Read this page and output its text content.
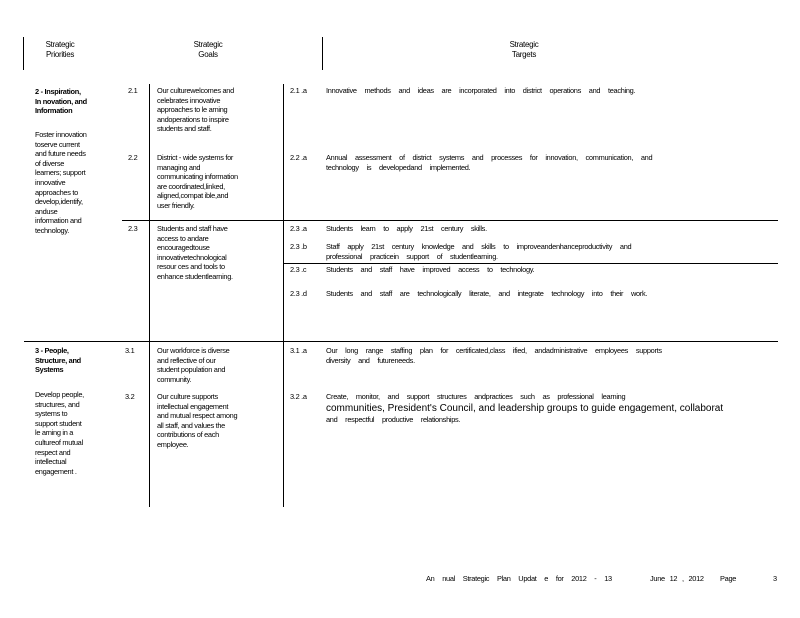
Strategic
Priorities
Strategic
Goals
Strategic
Targets
2 - Inspiration,
In novation, and
Information
Foster innovation
toserve current
and future needs
of diverse
learners; support
innovative
approaches to
develop,identify,
anduse
information and
technology.
3 - People,
Structure, and
Systems
Develop people,
structures, and
systems to
support student
le arning in a
cultureof mutual
respect and
intellectual
engagement .
2.1
2.2
2.3
3.1
3.2
Our culturewelcomes and
celebrates innovative
approaches to le arning
andoperations to inspire
students and staff.
District - wide systems for
managing and
communicating information
are coordinated,linked,
aligned,compat ible,and
user friendly.
Students and staff have
access to andare
encouragedtouse
innovativetechnological
resour ces and tools to
enhance studentlearning.
Our workforce is diverse
and reflective of our
student population and
community.
Our culture supports
intellectual engagement
and mutual respect among
all staff, and values the
contributions of each
employee.
2.1 .a
2.2 .a
2.3 .a
2.3 .b
2.3 .c
2.3 .d
3.1 .a
3.2 .a
Innovative methods and ideas are incorporated into district operations and teaching.
Annual assessment of district systems and processes for innovation, communication, and
technology is developedand implemented.
Students learn to apply 21st century skills.
Staff apply 21st century knowledge and skills to improveandenhanceproductivity and
professional practicein support of studentlearning.
Students and staff have improved access to technology.
Students and staff are technologically literate, and integrate technology into their work.
Our long range staffing plan for certificated,class ified, andadministrative employees supports
diversity and futureneeds.
Create, monitor, and support structures andpractices such as professional learning
communities, President's Council, and leadership groups to guide engagement, collaborat
and respectful productive relationships.
An nual Strategic Plan Updat e for 2012 - 13	June 12 , 2012 Page	3
